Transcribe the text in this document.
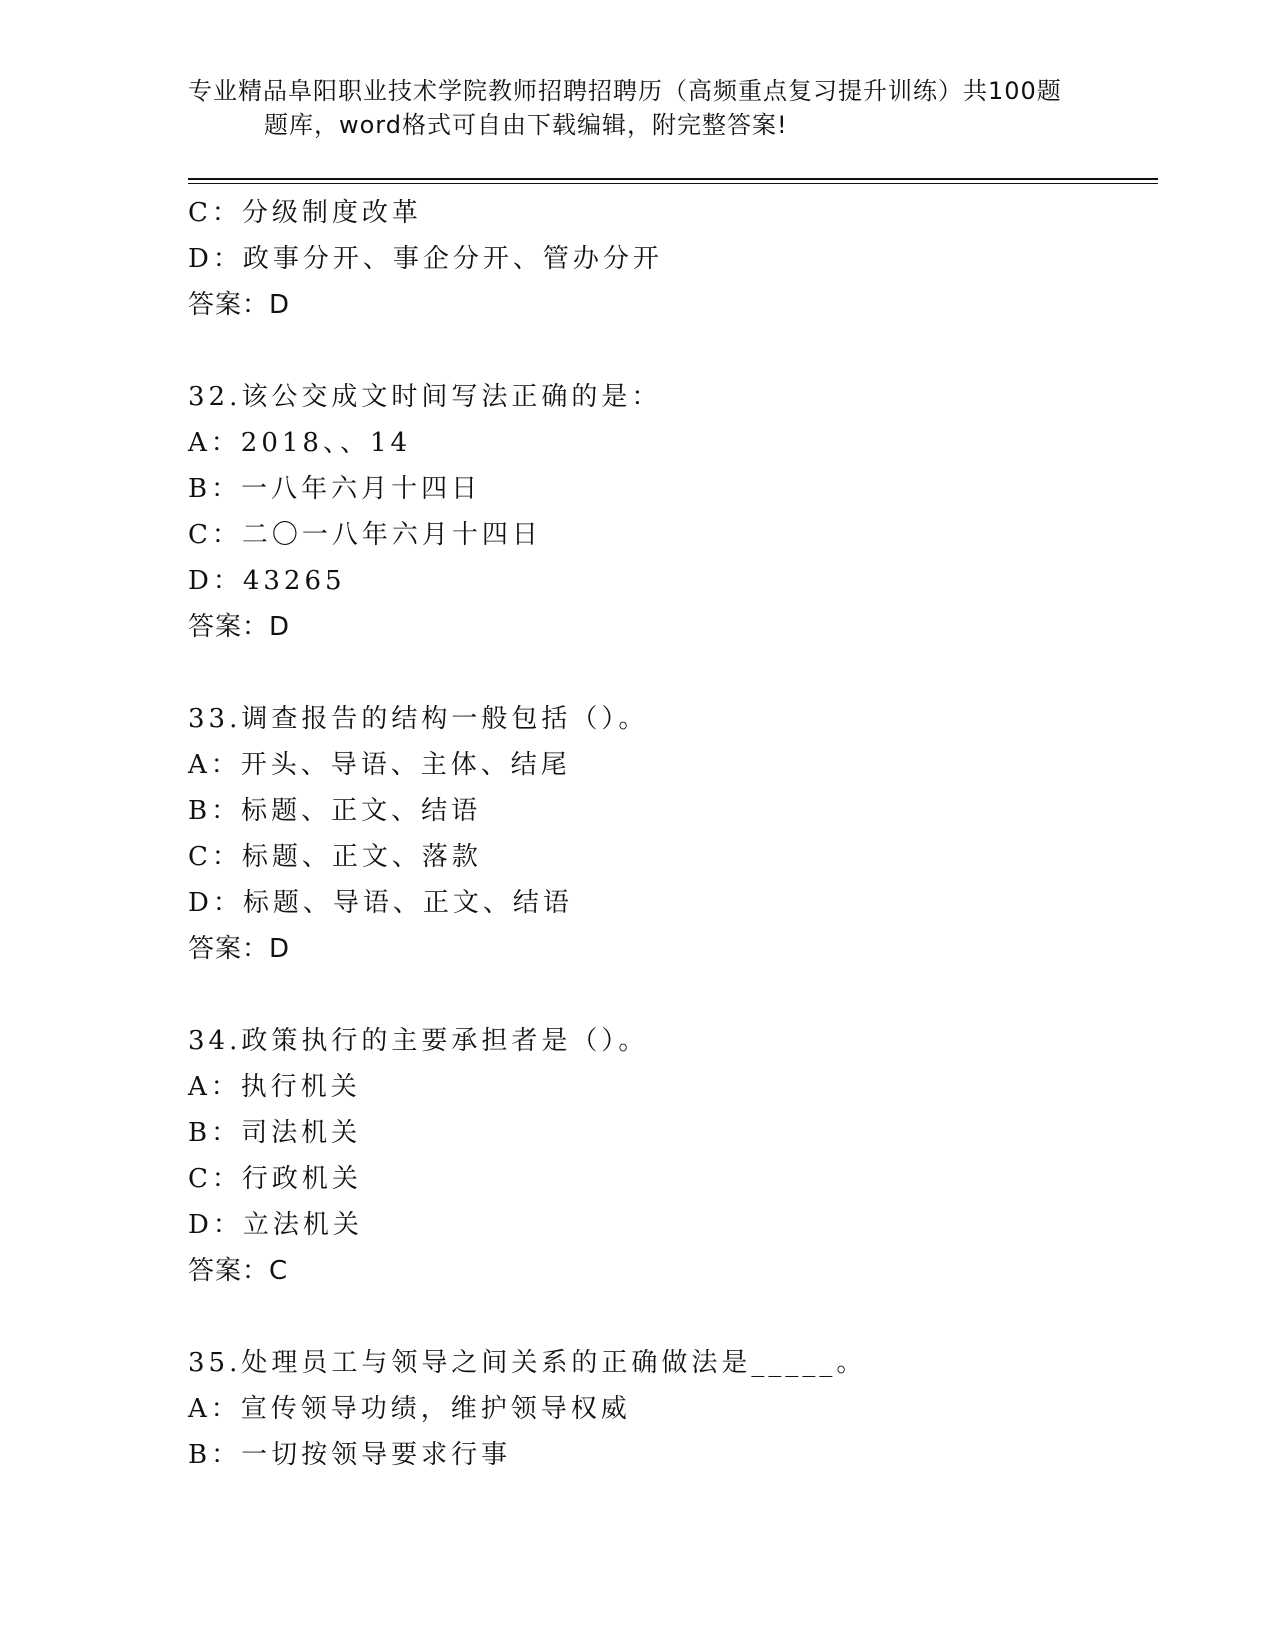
专业精品阜阳职业技术学院教师招聘招聘历（高频重点复习提升训练）共100题
题库，word格式可自由下载编辑，附完整答案!
C：分级制度改革
D：政事分开、事企分开、管办分开
答案：D
32.该公交成文时间写法正确的是：
A：2018、、14
B：一八年六月十四日
C：二〇一八年六月十四日
D：43265
答案：D
33.调查报告的结构一般包括（）。
A：开头、导语、主体、结尾
B：标题、正文、结语
C：标题、正文、落款
D：标题、导语、正文、结语
答案：D
34.政策执行的主要承担者是（）。
A：执行机关
B：司法机关
C：行政机关
D：立法机关
答案：C
35.处理员工与领导之间关系的正确做法是_____。
A：宣传领导功绩，维护领导权威
B：一切按领导要求行事
